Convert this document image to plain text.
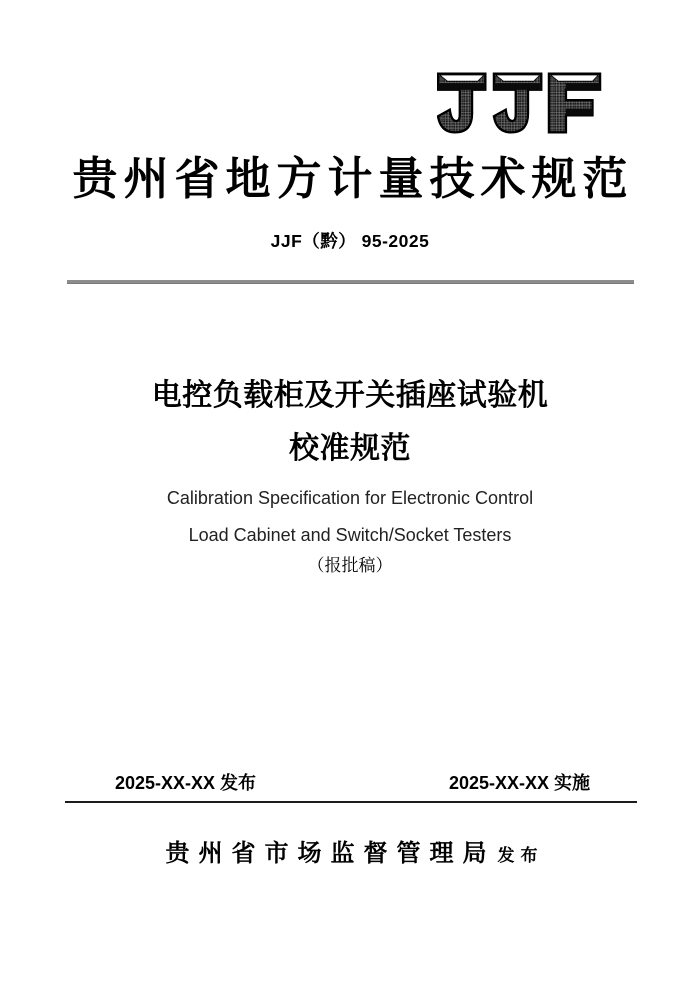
贵州省地方计量技术规范
JJF（黔） 95-2025
电控负载柜及开关插座试验机
校准规范
Calibration Specification for Electronic Control
Load Cabinet and Switch/Socket Testers
（报批稿）
2025-XX-XX 发布	2025-XX-XX 实施
贵州省市场监督管理局 发布
